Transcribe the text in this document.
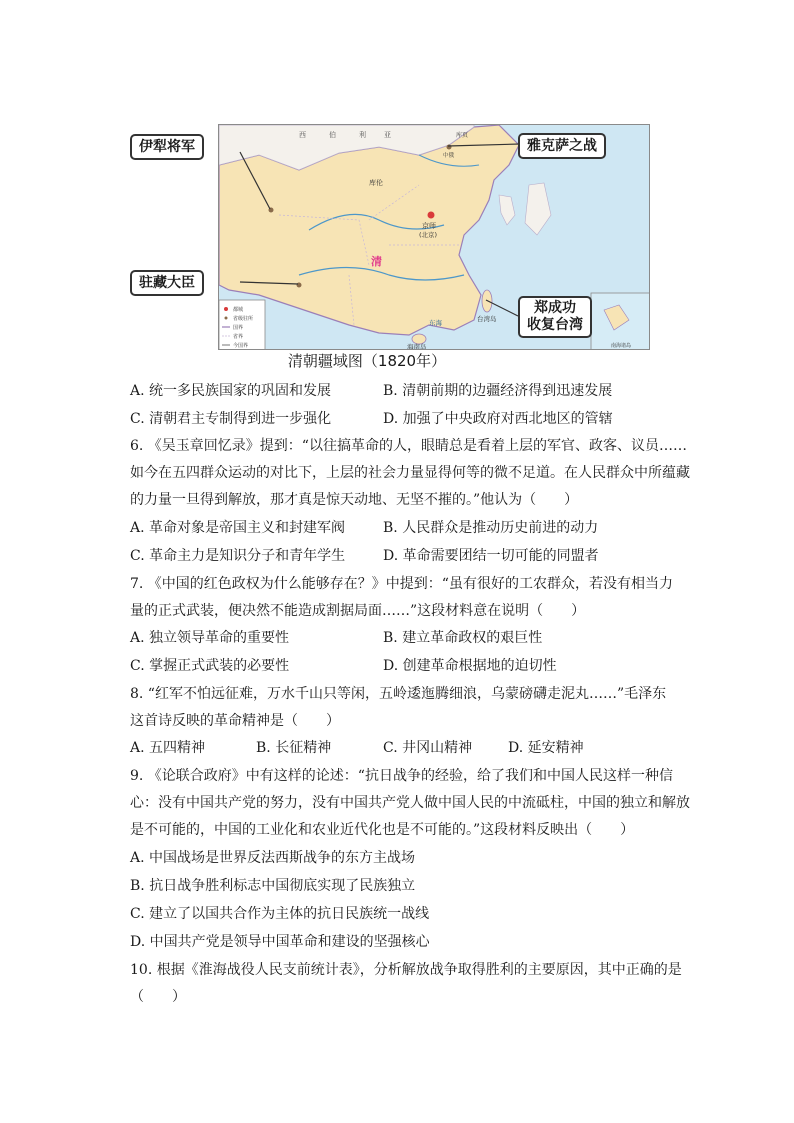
西	伯	利	亚
库伦
京师
(北京)
清
台湾岛
海南岛
东海
库页
中俄
都城
省级驻所
国界
省界
今国界	南海诸岛
伊犁将军	雅克萨之战
驻藏大臣
郑成功
收复台湾
清朝疆域图（1820年）
A. 统一多民族国家的巩固和发展	B. 清朝前期的边疆经济得到迅速发展
C. 清朝君主专制得到进一步强化	D. 加强了中央政府对西北地区的管辖
6. 《吴玉章回忆录》提到：“以往搞革命的人，眼睛总是看着上层的军官、政客、议员……
如今在五四群众运动的对比下，上层的社会力量显得何等的微不足道。在人民群众中所蕴藏
的力量一旦得到解放，那才真是惊天动地、无坚不摧的。”他认为（　　）
A. 革命对象是帝国主义和封建军阀	B. 人民群众是推动历史前进的动力
C. 革命主力是知识分子和青年学生	D. 革命需要团结一切可能的同盟者
7. 《中国的红色政权为什么能够存在？》中提到：“虽有很好的工农群众，若没有相当力
量的正式武装，便决然不能造成割据局面……”这段材料意在说明（　　）
A. 独立领导革命的重要性	B. 建立革命政权的艰巨性
C. 掌握正式武装的必要性	D. 创建革命根据地的迫切性
8. “红军不怕远征难，万水千山只等闲，五岭逶迤腾细浪，乌蒙磅礴走泥丸……”毛泽东
这首诗反映的革命精神是（　　）
A. 五四精神	B. 长征精神	C. 井冈山精神	D. 延安精神
9. 《论联合政府》中有这样的论述：“抗日战争的经验，给了我们和中国人民这样一种信
心：没有中国共产党的努力，没有中国共产党人做中国人民的中流砥柱，中国的独立和解放
是不可能的，中国的工业化和农业近代化也是不可能的。”这段材料反映出（　　）
A. 中国战场是世界反法西斯战争的东方主战场
B. 抗日战争胜利标志中国彻底实现了民族独立
C. 建立了以国共合作为主体的抗日民族统一战线
D. 中国共产党是领导中国革命和建设的坚强核心
10. 根据《淮海战役人民支前统计表》，分析解放战争取得胜利的主要原因，其中正确的是
（　　）
